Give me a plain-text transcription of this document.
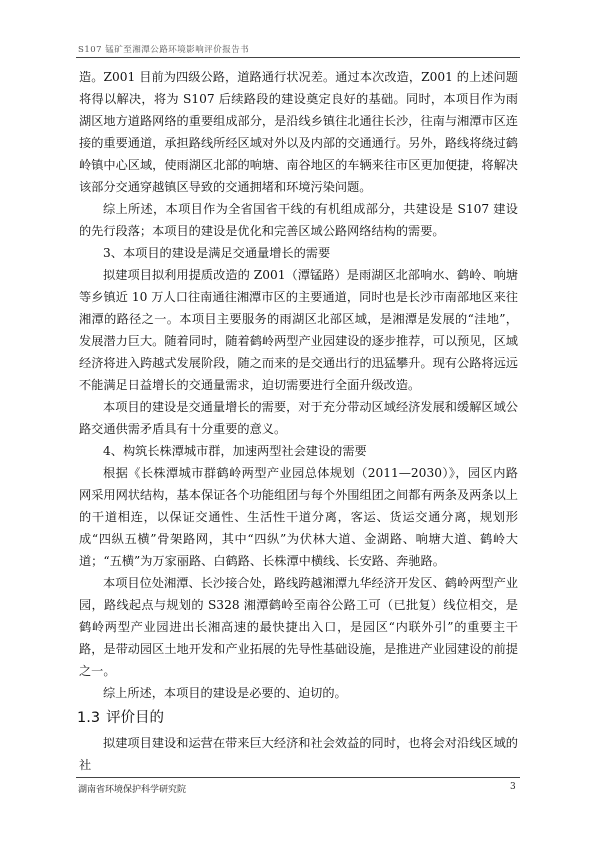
S107 锰矿至湘潭公路环境影响评价报告书

造。Z001 目前为四级公路，道路通行状况差。通过本次改造，Z001 的上述问题将得以解决，将为 S107 后续路段的建设奠定良好的基础。同时，本项目作为雨湖区地方道路网络的重要组成部分，是沿线乡镇往北通往长沙，往南与湘潭市区连接的重要通道，承担路线所经区域对外以及内部的交通通行。另外，路线将绕过鹤岭镇中心区域，使雨湖区北部的响塘、南谷地区的车辆来往市区更加便捷，将解决该部分交通穿越镇区导致的交通拥堵和环境污染问题。

综上所述，本项目作为全省国省干线的有机组成部分，共建设是 S107 建设的先行段落；本项目的建设是优化和完善区域公路网络结构的需要。

3、本项目的建设是满足交通量增长的需要

拟建项目拟利用提质改造的 Z001（潭锰路）是雨湖区北部响水、鹤岭、响塘等乡镇近 10 万人口往南通往湘潭市区的主要通道，同时也是长沙市南部地区来往湘潭的路径之一。本项目主要服务的雨湖区北部区域，是湘潭是发展的“洼地”，发展潜力巨大。随着同时，随着鹤岭两型产业园建设的逐步推荐，可以预见，区域经济将进入跨越式发展阶段，随之而来的是交通出行的迅猛攀升。现有公路将远远不能满足日益增长的交通量需求，迫切需要进行全面升级改造。

本项目的建设是交通量增长的需要，对于充分带动区域经济发展和缓解区域公路交通供需矛盾具有十分重要的意义。

4、构筑长株潭城市群，加速两型社会建设的需要

根据《长株潭城市群鹤岭两型产业园总体规划（2011—2030）》，园区内路网采用网状结构，基本保证各个功能组团与每个外围组团之间都有两条及两条以上的干道相连，以保证交通性、生活性干道分离，客运、货运交通分离，规划形成“四纵五横”骨架路网，其中“四纵”为伏林大道、金湖路、响塘大道、鹤岭大道；“五横”为万家丽路、白鹤路、长株潭中横线、长安路、奔驰路。

本项目位处湘潭、长沙接合处，路线跨越湘潭九华经济开发区、鹤岭两型产业园，路线起点与规划的 S328 湘潭鹤岭至南谷公路工可（已批复）线位相交，是鹤岭两型产业园进出长湘高速的最快捷出入口，是园区“内联外引”的重要主干路，是带动园区土地开发和产业拓展的先导性基础设施，是推进产业园建设的前提之一。

综上所述，本项目的建设是必要的、迫切的。

1.3 评价目的

拟建项目建设和运营在带来巨大经济和社会效益的同时，也将会对沿线区域的社

湖南省环境保护科学研究院	3
